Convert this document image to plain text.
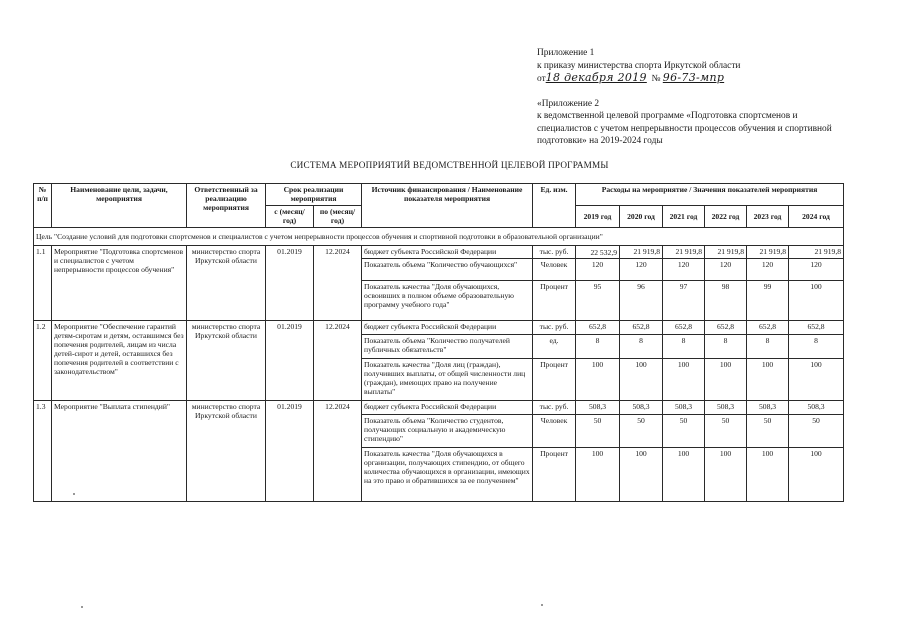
Приложение 1
к приказу министерства спорта Иркутской области
от18 декабря 2019 № 96-73-мпр
«Приложение 2
к ведомственной целевой программе «Подготовка спортсменов и
специалистов с учетом непрерывности процессов обучения и спортивной
подготовки» на 2019-2024 годы
СИСТЕМА МЕРОПРИЯТИЙ ВЕДОМСТВЕННОЙ ЦЕЛЕВОЙ ПРОГРАММЫ
№ п/п	Наименование цели, задачи, мероприятия	Ответственный за реализацию мероприятия	Срок реализации мероприятия		Источник финансирования / Наименование показателя мероприятия	Ед. изм.	Расходы на мероприятие / Значения показателей мероприятия					
			с (месяц/год)	по (месяц/год)			2019 год	2020 год	2021 год	2022 год	2023 год	2024 год
Цель "Создание условий для подготовки спортсменов и специалистов с учетом непрерывности процессов обучения и спортивной подготовки в образовательной организации"												
1.1	Мероприятие "Подготовка спортсменов и специалистов с учетом непрерывности процессов обучения"	министерство спорта Иркутской области	01.2019	12.2024	бюджет субъекта Российской Федерации	тыс. руб.	22 532,9	21 919,8	21 919,8	21 919,8	21 919,8	21 919,8
					Показатель объема "Количество обучающихся"	Человек	120	120	120	120	120	120
					Показатель качества "Доля обучающихся, освоивших в полном объеме образовательную программу учебного года"	Процент	95	96	97	98	99	100
1.2	Мероприятие "Обеспечение гарантий детям-сиротам и детям, оставшимся без попечения родителей, лицам из числа детей-сирот и детей, оставшихся без попечения родителей в соответствии с законодательством"	министерство спорта Иркутской области	01.2019	12.2024	бюджет субъекта Российской Федерации	тыс. руб.	652,8	652,8	652,8	652,8	652,8	652,8
					Показатель объема "Количество получателей публичных обязательств"	ед.	8	8	8	8	8	8
					Показатель качества "Доля лиц (граждан), получивших выплаты, от общей численности лиц (граждан), имеющих право на получение выплаты"	Процент	100	100	100	100	100	100
1.3	Мероприятие "Выплата стипендий"	министерство спорта Иркутской области	01.2019	12.2024	бюджет субъекта Российской Федерации	тыс. руб.	508,3	508,3	508,3	508,3	508,3	508,3
					Показатель объема "Количество студентов, получающих социальную и академическую стипендию"	Человек	50	50	50	50	50	50
					Показатель качества "Доля обучающихся в организации, получающих стипендию, от общего количества обучающихся в организации, имеющих на это право и обратившихся за ее получением"	Процент	100	100	100	100	100	100
